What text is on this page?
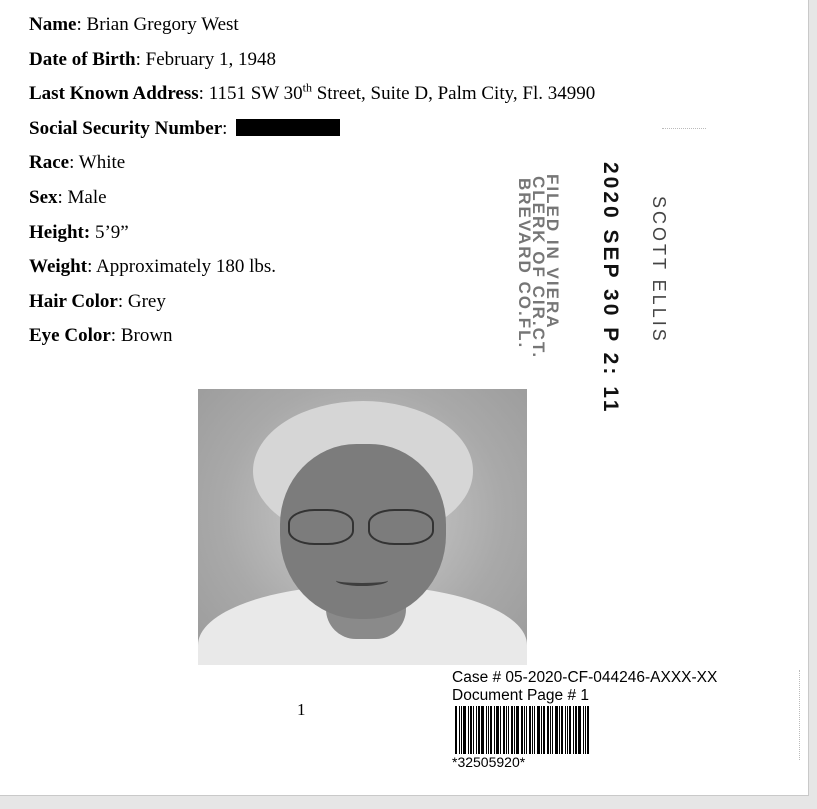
Name: Brian Gregory West
Date of Birth: February 1, 1948
Last Known Address: 1151 SW 30th Street, Suite D, Palm City, Fl. 34990
Social Security Number:
Race: White
Sex: Male
Height: 5’9”
Weight: Approximately 180 lbs.
Hair Color: Grey
Eye Color: Brown
FILED IN VIERA
CLERK OF CIR.CT.
BREVARD CO.FL.	2020 SEP 30 P 2: 11 SCOTT ELLIS
1
Case # 05-2020-CF-044246-AXXX-XX
Document Page # 1
*32505920*
